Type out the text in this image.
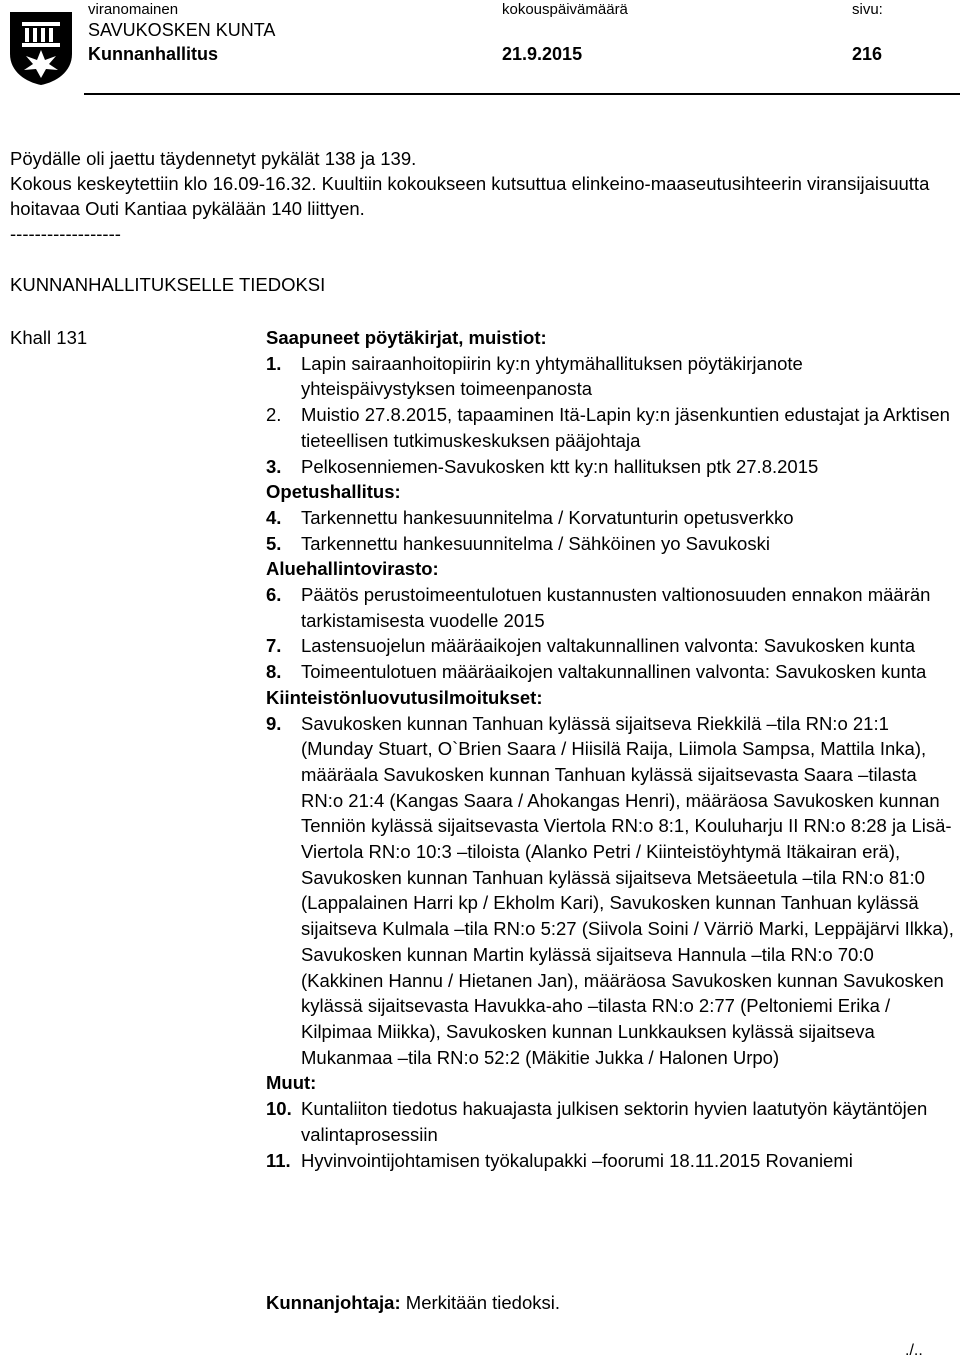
viranomainen	kokouspäivämäärä	sivu:
SAVUKOSKEN KUNTA
Kunnanhallitus	21.9.2015	216

Pöydälle oli jaettu täydennetyt pykälät 138 ja 139.

Kokous keskeytettiin klo 16.09-16.32. Kuultiin kokoukseen kutsuttua elinkeino-maaseutusihteerin viransijaisuutta hoitavaa Outi Kantiaa pykälään 140 liittyen.

------------------

KUNNANHALLITUKSELLE TIEDOKSI
Khall 131	Saapuneet pöytäkirjat, muistiot:
1.	Lapin sairaanhoitopiirin ky:n yhtymähallituksen pöytäkirjanote yhteispäivystyksen toimeenpanosta
2.	Muistio 27.8.2015, tapaaminen Itä-Lapin ky:n jäsenkuntien edustajat ja Arktisen tieteellisen tutkimuskeskuksen pääjohtaja
3.	Pelkosenniemen-Savukosken ktt ky:n hallituksen ptk 27.8.2015
Opetushallitus:
4.	Tarkennettu hankesuunnitelma / Korvatunturin opetusverkko
5.	Tarkennettu hankesuunnitelma / Sähköinen yo Savukoski
Aluehallintovirasto:
6.	Päätös perustoimeentulotuen kustannusten valtionosuuden ennakon määrän tarkistamisesta vuodelle 2015
7.	Lastensuojelun määräaikojen valtakunnallinen valvonta: Savukosken kunta
8.	Toimeentulotuen määräaikojen valtakunnallinen valvonta: Savukosken kunta
Kiinteistönluovutusilmoitukset:
9.	Savukosken kunnan Tanhuan kylässä sijaitseva Riekkilä –tila RN:o 21:1 (Munday Stuart, O`Brien Saara / Hiisilä Raija, Liimola Sampsa, Mattila Inka), määräala Savukosken kunnan Tanhuan kylässä sijaitsevasta Saara –tilasta RN:o 21:4 (Kangas Saara / Ahokangas Henri), määräosa Savukosken kunnan Tenniön kylässä sijaitsevasta Viertola RN:o 8:1, Kouluharju II RN:o 8:28 ja Lisä-Viertola RN:o 10:3 –tiloista (Alanko Petri / Kiinteistöyhtymä Itäkairan erä), Savukosken kunnan Tanhuan kylässä sijaitseva Metsäeetula –tila RN:o 81:0 (Lappalainen Harri kp / Ekholm Kari), Savukosken kunnan Tanhuan kylässä sijaitseva Kulmala –tila RN:o 5:27 (Siivola Soini / Värriö Marki, Leppäjärvi Ilkka), Savukosken kunnan Martin kylässä sijaitseva Hannula –tila RN:o 70:0 (Kakkinen Hannu / Hietanen Jan), määräosa Savukosken kunnan Savukosken kylässä sijaitsevasta Havukka-aho –tilasta RN:o 2:77 (Peltoniemi Erika / Kilpimaa Miikka), Savukosken kunnan Lunkkauksen kylässä sijaitseva Mukanmaa –tila RN:o 52:2 (Mäkitie Jukka / Halonen Urpo)
Muut:
10. Kuntaliiton tiedotus hakuajasta julkisen sektorin hyvien laatutyön käytäntöjen valintaprosessiin
11. Hyvinvointijohtamisen työkalupakki –foorumi 18.11.2015 Rovaniemi
Kunnanjohtaja: Merkitään tiedoksi.
./..
